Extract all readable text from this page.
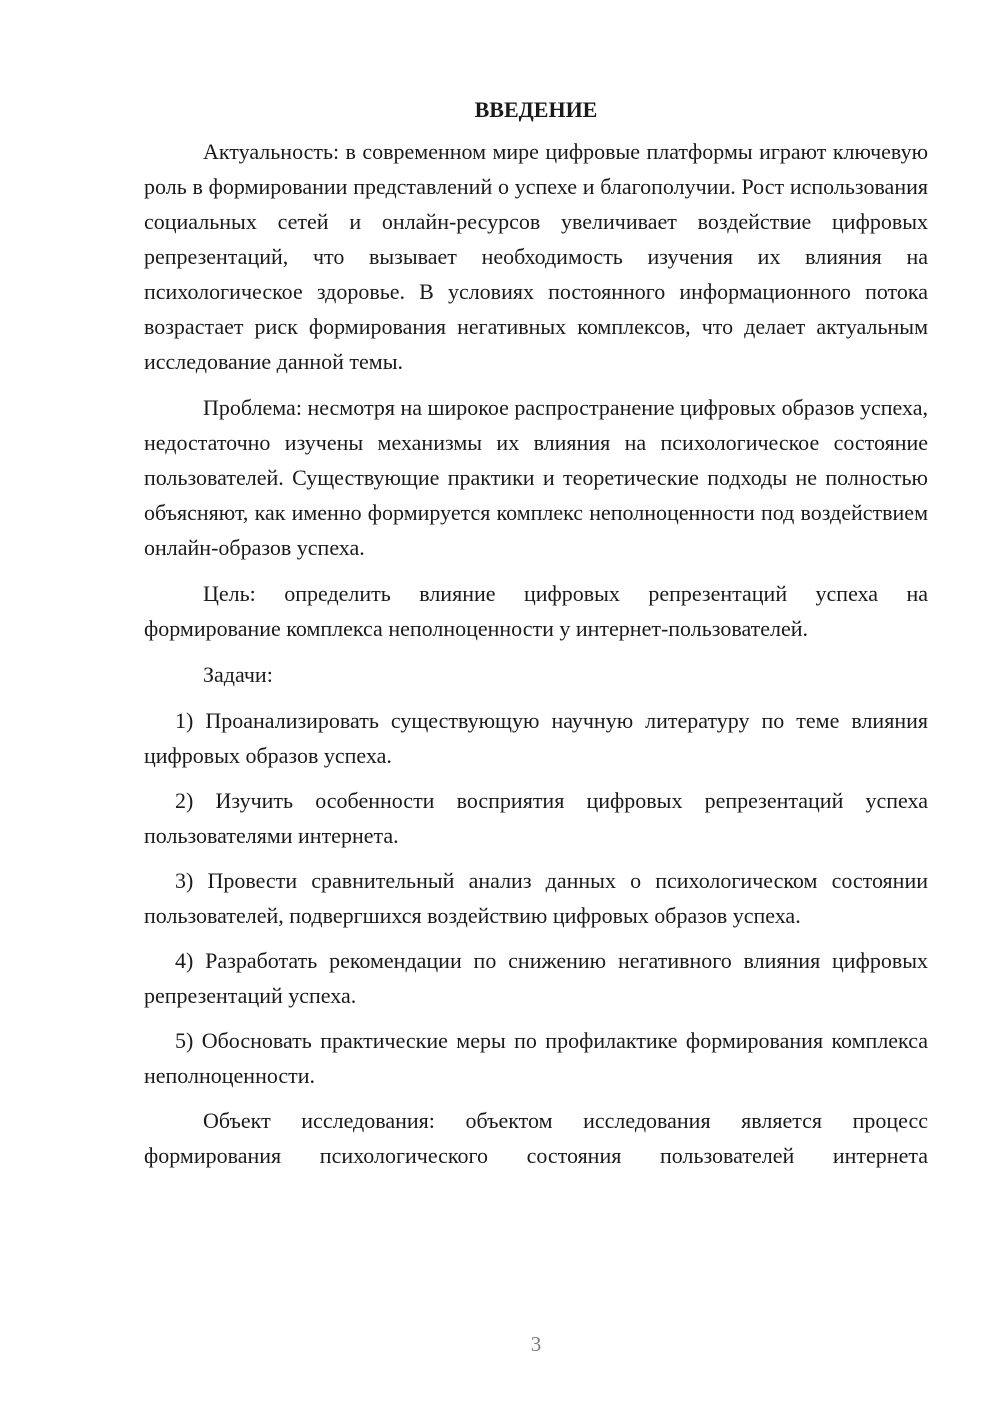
ВВЕДЕНИЕ

Актуальность: в современном мире цифровые платформы играют ключевую роль в формировании представлений о успехе и благополучии. Рост использования социальных сетей и онлайн-ресурсов увеличивает воздействие цифровых репрезентаций, что вызывает необходимость изучения их влияния на психологическое здоровье. В условиях постоянного информационного потока возрастает риск формирования негативных комплексов, что делает актуальным исследование данной темы.

Проблема: несмотря на широкое распространение цифровых образов успеха, недостаточно изучены механизмы их влияния на психологическое состояние пользователей. Существующие практики и теоретические подходы не полностью объясняют, как именно формируется комплекс неполноценности под воздействием онлайн-образов успеха.

Цель: определить влияние цифровых репрезентаций успеха на формирование комплекса неполноценности у интернет-пользователей.

Задачи:

1) Проанализировать существующую научную литературу по теме влияния цифровых образов успеха.

2) Изучить особенности восприятия цифровых репрезентаций успеха пользователями интернета.

3) Провести сравнительный анализ данных о психологическом состоянии пользователей, подвергшихся воздействию цифровых образов успеха.

4) Разработать рекомендации по снижению негативного влияния цифровых репрезентаций успеха.

5) Обосновать практические меры по профилактике формирования комплекса неполноценности.

Объект исследования: объектом исследования является процесс формирования психологического состояния пользователей интернета

3
